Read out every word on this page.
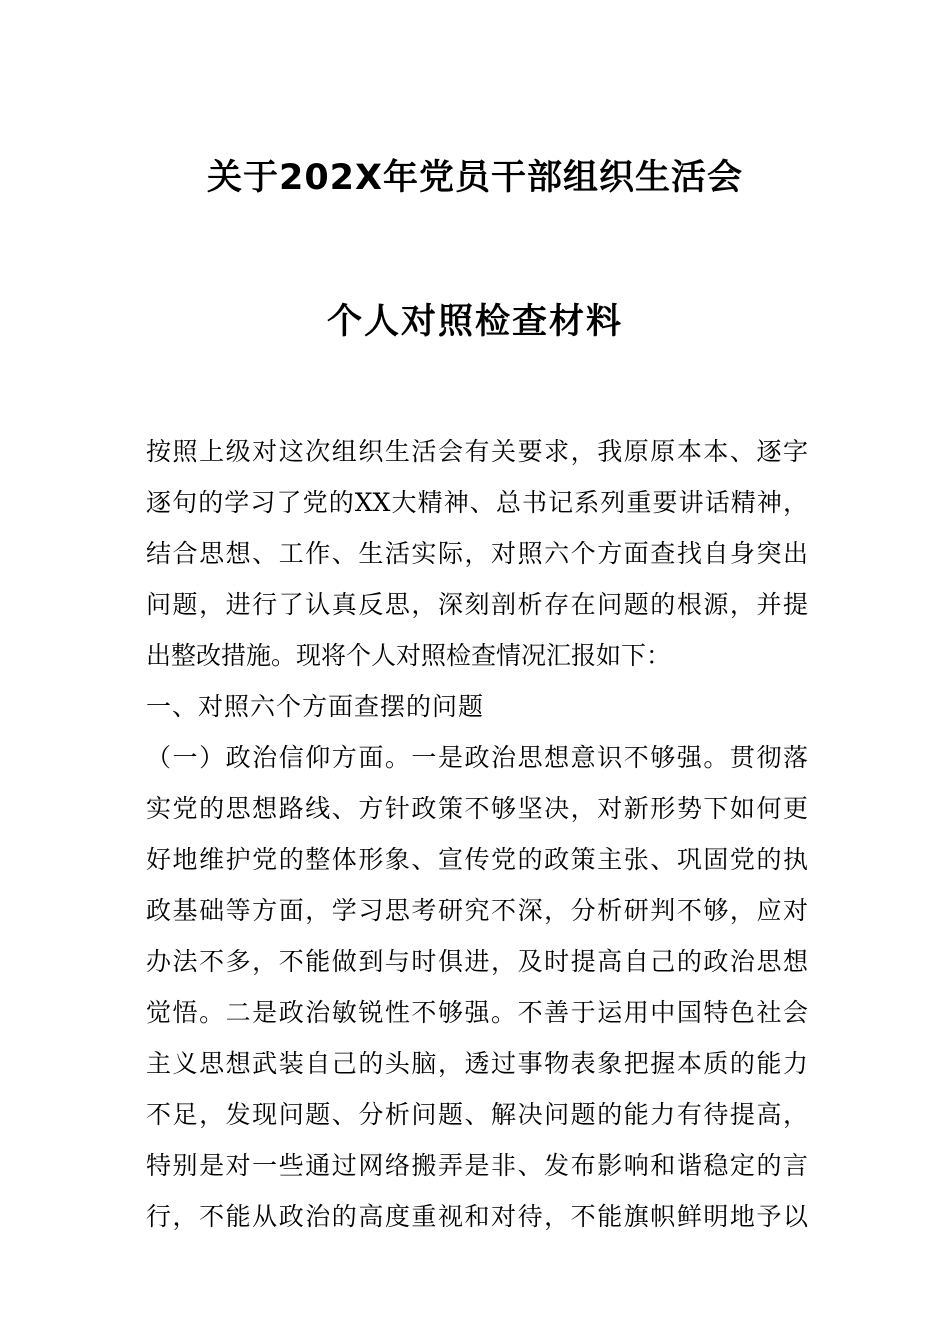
关于202X年党员干部组织生活会
个人对照检查材料
按照上级对这次组织生活会有关要求，我原原本本、逐字
逐句的学习了党的XX大精神、总书记系列重要讲话精神，
结合思想、工作、生活实际，对照六个方面查找自身突出
问题，进行了认真反思，深刻剖析存在问题的根源，并提
出整改措施。现将个人对照检查情况汇报如下：
一、对照六个方面查摆的问题
（一）政治信仰方面。一是政治思想意识不够强。贯彻落
实党的思想路线、方针政策不够坚决，对新形势下如何更
好地维护党的整体形象、宣传党的政策主张、巩固党的执
政基础等方面，学习思考研究不深，分析研判不够，应对
办法不多，不能做到与时俱进，及时提高自己的政治思想
觉悟。二是政治敏锐性不够强。不善于运用中国特色社会
主义思想武装自己的头脑，透过事物表象把握本质的能力
不足，发现问题、分析问题、解决问题的能力有待提高，
特别是对一些通过网络搬弄是非、发布影响和谐稳定的言
行，不能从政治的高度重视和对待，不能旗帜鲜明地予以
